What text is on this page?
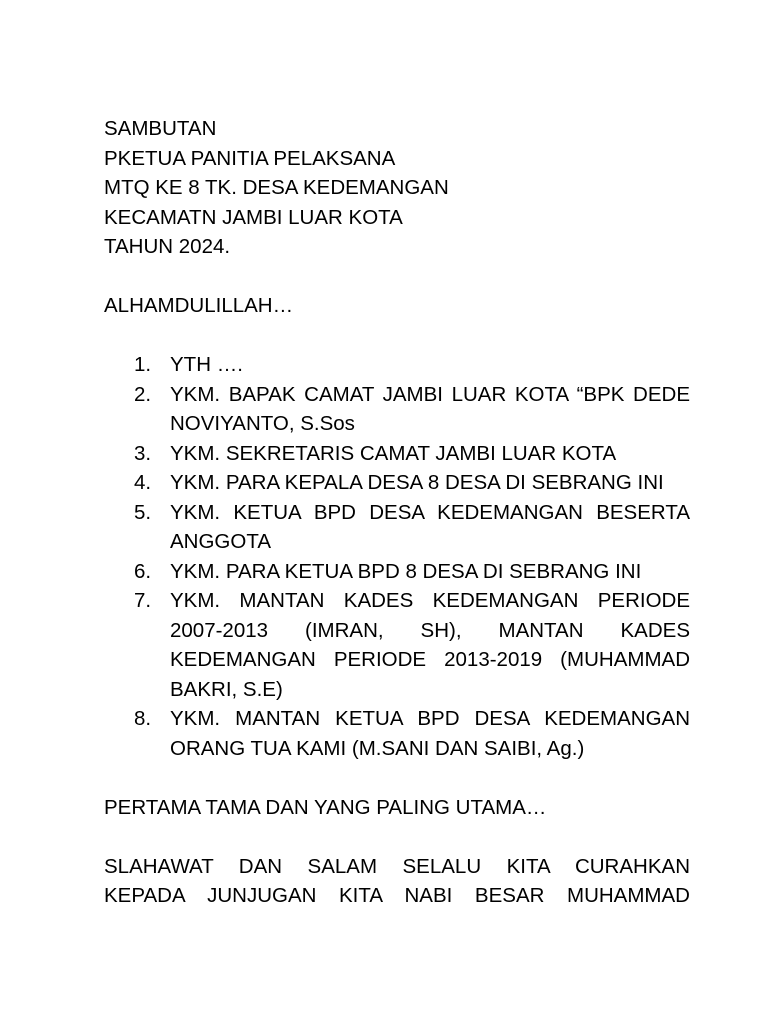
SAMBUTAN
PKETUA PANITIA PELAKSANA
MTQ KE 8 TK. DESA KEDEMANGAN
KECAMATN JAMBI LUAR KOTA
TAHUN 2024.
ALHAMDULILLAH…
1. YTH ….
2. YKM. BAPAK CAMAT JAMBI LUAR KOTA “BPK DEDE NOVIYANTO, S.Sos
3. YKM. SEKRETARIS CAMAT JAMBI LUAR KOTA
4. YKM. PARA KEPALA DESA 8 DESA DI SEBRANG INI
5. YKM. KETUA BPD DESA KEDEMANGAN BESERTA ANGGOTA
6. YKM. PARA KETUA BPD 8 DESA DI SEBRANG INI
7. YKM. MANTAN KADES KEDEMANGAN PERIODE 2007-2013 (IMRAN, SH), MANTAN KADES KEDEMANGAN PERIODE 2013-2019 (MUHAMMAD BAKRI, S.E)
8. YKM. MANTAN KETUA BPD DESA KEDEMANGAN ORANG TUA KAMI (M.SANI DAN SAIBI, Ag.)
PERTAMA TAMA DAN YANG PALING UTAMA…
SLAHAWAT DAN SALAM SELALU KITA CURAHKAN
KEPADA JUNJUGAN KITA NABI BESAR MUHAMMAD
